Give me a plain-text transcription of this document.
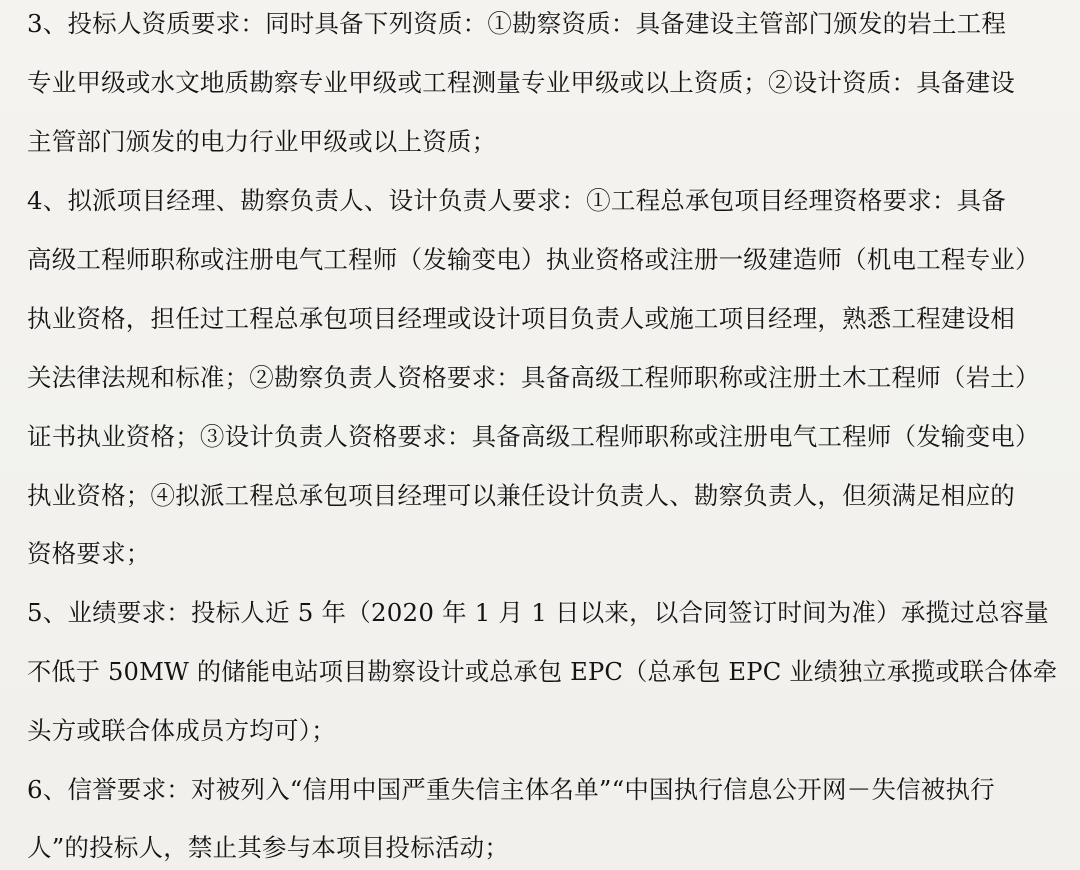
3、投标人资质要求：同时具备下列资质：①勘察资质：具备建设主管部门颁发的岩土工程

专业甲级或水文地质勘察专业甲级或工程测量专业甲级或以上资质；②设计资质：具备建设

主管部门颁发的电力行业甲级或以上资质；

4、拟派项目经理、勘察负责人、设计负责人要求：①工程总承包项目经理资格要求：具备

高级工程师职称或注册电气工程师（发输变电）执业资格或注册一级建造师（机电工程专业）

执业资格，担任过工程总承包项目经理或设计项目负责人或施工项目经理，熟悉工程建设相

关法律法规和标准；②勘察负责人资格要求：具备高级工程师职称或注册土木工程师（岩土）

证书执业资格；③设计负责人资格要求：具备高级工程师职称或注册电气工程师（发输变电）

执业资格；④拟派工程总承包项目经理可以兼任设计负责人、勘察负责人，但须满足相应的

资格要求；

5、业绩要求：投标人近 5 年（2020 年 1 月 1 日以来，以合同签订时间为准）承揽过总容量

不低于 50MW 的储能电站项目勘察设计或总承包 EPC（总承包 EPC 业绩独立承揽或联合体牵

头方或联合体成员方均可）；

6、信誉要求：对被列入“信用中国严重失信主体名单”“中国执行信息公开网－失信被执行

人”的投标人，禁止其参与本项目投标活动；
